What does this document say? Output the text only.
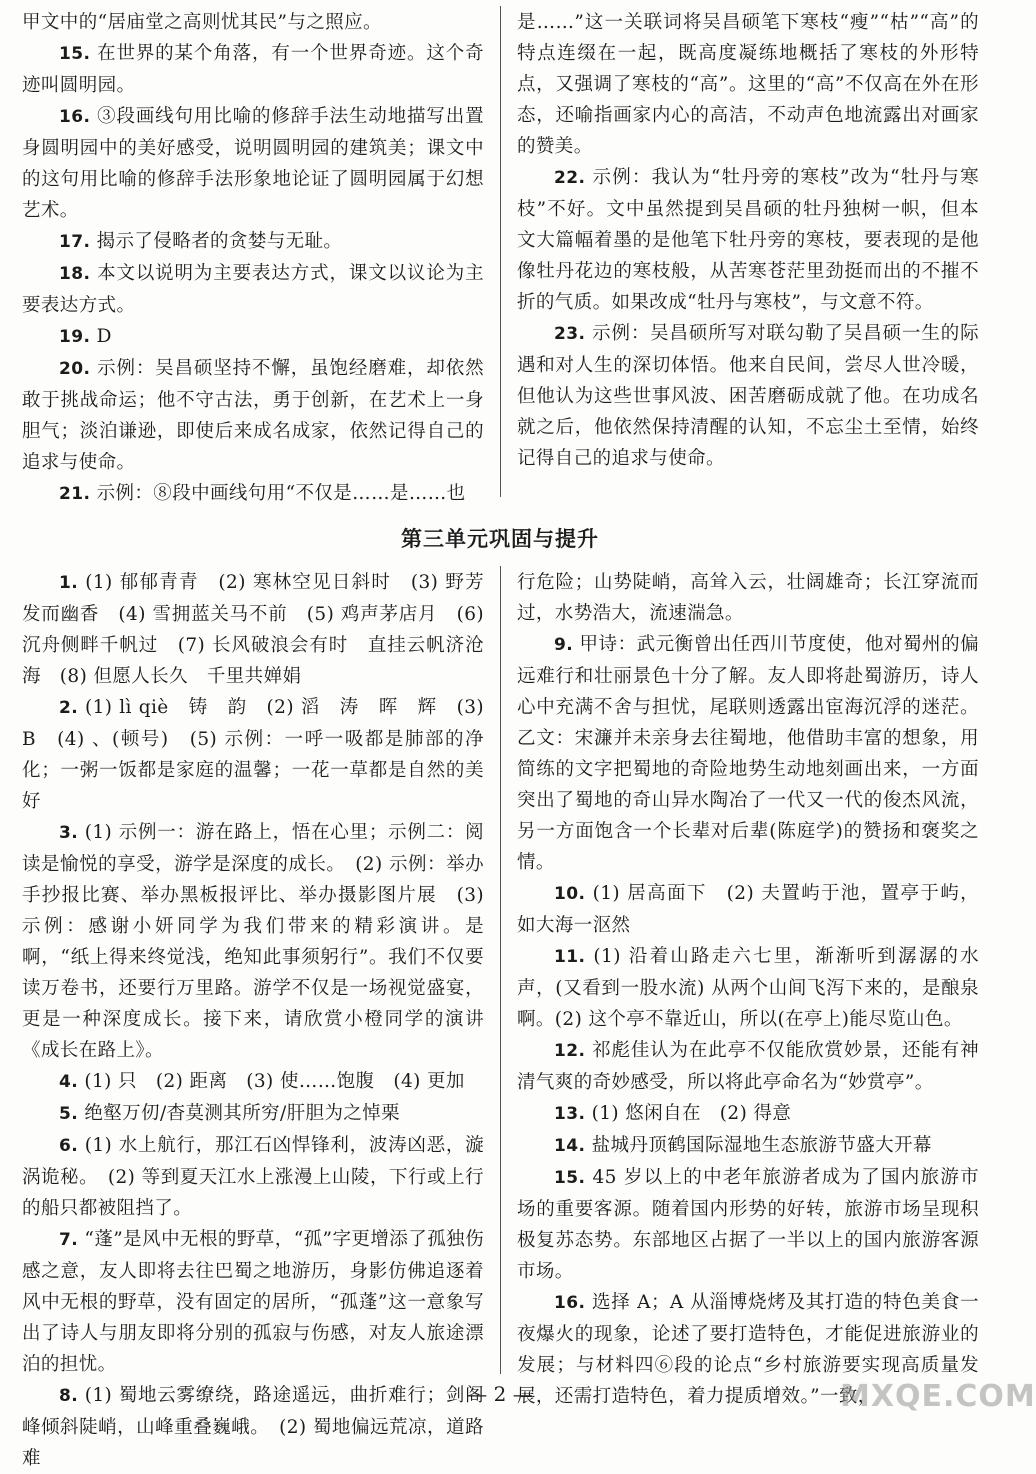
甲文中的“居庙堂之高则忧其民”与之照应。

15. 在世界的某个角落，有一个世界奇迹。这个奇迹叫圆明园。

16. ③段画线句用比喻的修辞手法生动地描写出置身圆明园中的美好感受，说明圆明园的建筑美；课文中的这句用比喻的修辞手法形象地论证了圆明园属于幻想艺术。

17. 揭示了侵略者的贪婪与无耻。

18. 本文以说明为主要表达方式，课文以议论为主要表达方式。

19. D

20. 示例：吴昌硕坚持不懈，虽饱经磨难，却依然敢于挑战命运；他不守古法，勇于创新，在艺术上一身胆气；淡泊谦逊，即使后来成名成家，依然记得自己的追求与使命。

21. 示例：⑧段中画线句用“不仅是……是……也

是……”这一关联词将吴昌硕笔下寒枝“瘦”“枯”“高”的特点连缀在一起，既高度凝练地概括了寒枝的外形特点，又强调了寒枝的“高”。这里的“高”不仅高在外在形态，还喻指画家内心的高洁，不动声色地流露出对画家的赞美。

22. 示例：我认为“牡丹旁的寒枝”改为“牡丹与寒枝”不好。文中虽然提到吴昌硕的牡丹独树一帜，但本文大篇幅着墨的是他笔下牡丹旁的寒枝，要表现的是他像牡丹花边的寒枝般，从苦寒苍茫里劲挺而出的不摧不折的气质。如果改成“牡丹与寒枝”，与文意不符。

23. 示例：吴昌硕所写对联勾勒了吴昌硕一生的际遇和对人生的深切体悟。他来自民间，尝尽人世冷暖，但他认为这些世事风波、困苦磨砺成就了他。在功成名就之后，他依然保持清醒的认知，不忘尘土至情，始终记得自己的追求与使命。

第三单元巩固与提升

1. (1) 郁郁青青　(2) 寒林空见日斜时　(3) 野芳发而幽香　(4) 雪拥蓝关马不前　(5) 鸡声茅店月　(6) 沉舟侧畔千帆过　(7) 长风破浪会有时　直挂云帆济沧海　(8) 但愿人长久　千里共婵娟

2. (1) lì qiè　铸　韵　(2) 滔　涛　晖　辉　(3) B　(4) 、(顿号)　(5) 示例：一呼一吸都是肺部的净化；一粥一饭都是家庭的温馨；一花一草都是自然的美好

3. (1) 示例一：游在路上，悟在心里；示例二：阅读是愉悦的享受，游学是深度的成长。　(2) 示例：举办手抄报比赛、举办黑板报评比、举办摄影图片展　(3) 示例：感谢小妍同学为我们带来的精彩演讲。是啊，“纸上得来终觉浅，绝知此事须躬行”。我们不仅要读万卷书，还要行万里路。游学不仅是一场视觉盛宴，更是一种深度成长。接下来，请欣赏小橙同学的演讲《成长在路上》。

4. (1) 只　(2) 距离　(3) 使……饱腹　(4) 更加

5. 绝壑万仞/杳莫测其所穷/肝胆为之悼栗

6. (1) 水上航行，那江石凶悍锋利，波涛凶恶，漩涡诡秘。　(2) 等到夏天江水上涨漫上山陵，下行或上行的船只都被阻挡了。

7. “蓬”是风中无根的野草，“孤”字更增添了孤独伤感之意，友人即将去往巴蜀之地游历，身影仿佛追逐着风中无根的野草，没有固定的居所，“孤蓬”这一意象写出了诗人与朋友即将分别的孤寂与伤感，对友人旅途漂泊的担忧。

8. (1) 蜀地云雾缭绕，路途遥远，曲折难行；剑阁峰倾斜陡峭，山峰重叠巍峨。　(2) 蜀地偏远荒凉，道路难

行危险；山势陡峭，高耸入云，壮阔雄奇；长江穿流而过，水势浩大，流速湍急。

9. 甲诗：武元衡曾出任西川节度使，他对蜀州的偏远难行和壮丽景色十分了解。友人即将赴蜀游历，诗人心中充满不舍与担忧，尾联则透露出宦海沉浮的迷茫。乙文：宋濂并未亲身去往蜀地，他借助丰富的想象，用简练的文字把蜀地的奇险地势生动地刻画出来，一方面突出了蜀地的奇山异水陶冶了一代又一代的俊杰风流，另一方面饱含一个长辈对后辈(陈庭学)的赞扬和褒奖之情。

10. (1) 居高面下　(2) 夫置屿于池，置亭于屿，如大海一沤然

11. (1) 沿着山路走六七里，渐渐听到潺潺的水声，(又看到一股水流) 从两个山间飞泻下来的，是酿泉啊。(2) 这个亭不靠近山，所以(在亭上)能尽览山色。

12. 祁彪佳认为在此亭不仅能欣赏妙景，还能有神清气爽的奇妙感受，所以将此亭命名为“妙赏亭”。

13. (1) 悠闲自在　(2) 得意

14. 盐城丹顶鹤国际湿地生态旅游节盛大开幕

15. 45 岁以上的中老年旅游者成为了国内旅游市场的重要客源。随着国内形势的好转，旅游市场呈现积极复苏态势。东部地区占据了一半以上的国内旅游客源市场。

16. 选择 A；A 从淄博烧烤及其打造的特色美食一夜爆火的现象，论述了要打造特色，才能促进旅游业的发展；与材料四⑥段的论点“乡村旅游要实现高质量发展，还需打造特色，着力提质增效。”一致，

— 2 —	MXQE.COM
